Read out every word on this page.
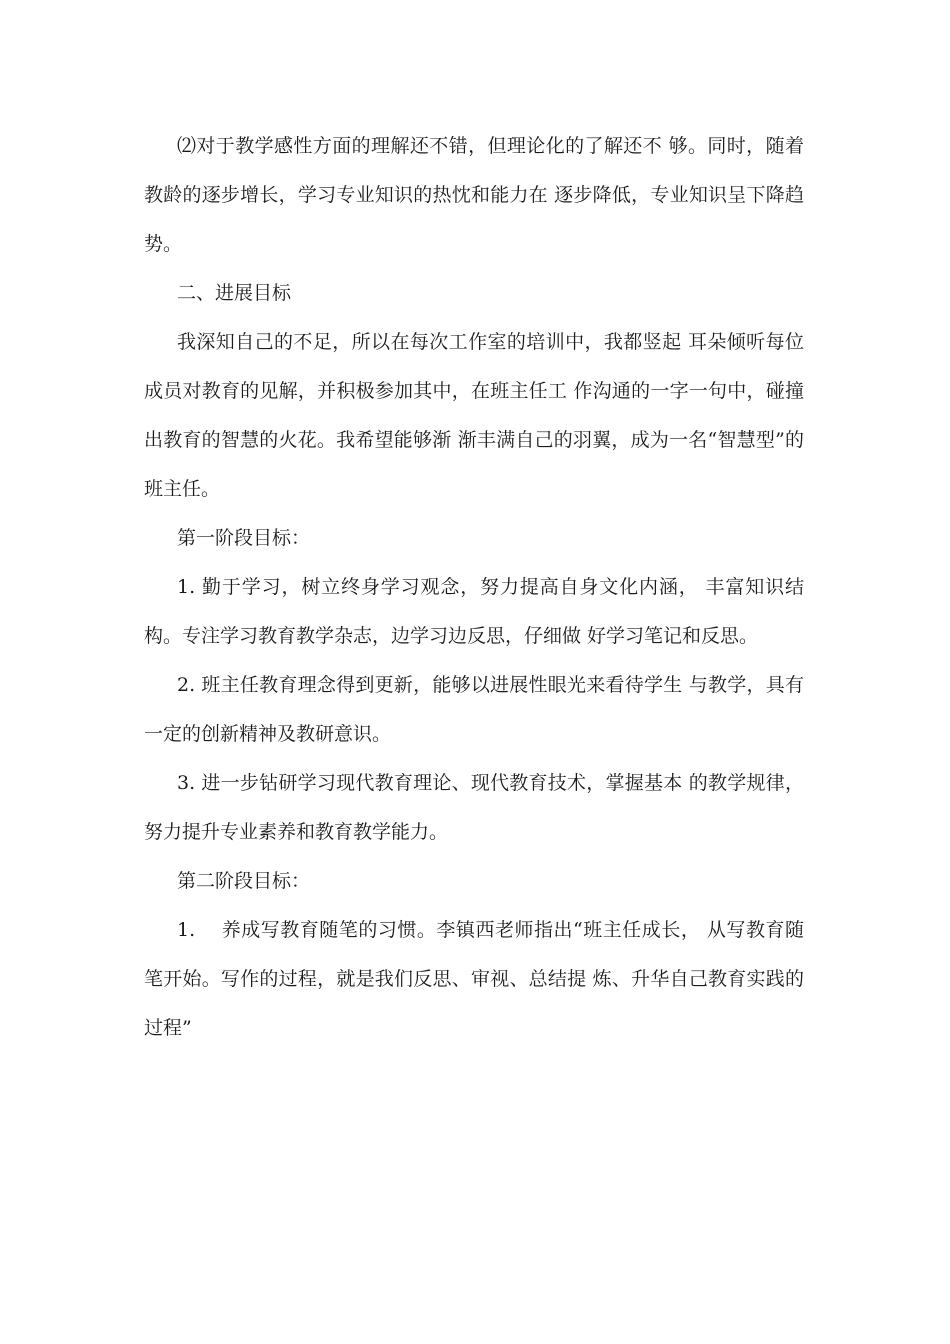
⑵对于教学感性方面的理解还不错，但理论化的了解还不 够。同时，随着教龄的逐步增长，学习专业知识的热忱和能力在 逐步降低，专业知识呈下降趋势。

二、进展目标

我深知自己的不足，所以在每次工作室的培训中，我都竖起 耳朵倾听每位成员对教育的见解，并积极参加其中，在班主任工 作沟通的一字一句中，碰撞出教育的智慧的火花。我希望能够渐 渐丰满自己的羽翼，成为一名“智慧型”的班主任。

第一阶段目标：

1. 勤于学习，树立终身学习观念，努力提高自身文化内涵， 丰富知识结构。专注学习教育教学杂志，边学习边反思，仔细做 好学习笔记和反思。

2. 班主任教育理念得到更新，能够以进展性眼光来看待学生 与教学，具有一定的创新精神及教研意识。

3. 进一步钻研学习现代教育理论、现代教育技术，掌握基本 的教学规律，努力提升专业素养和教育教学能力。

第二阶段目标：

1.　 养成写教育随笔的习惯。李镇西老师指出“班主任成长， 从写教育随笔开始。写作的过程，就是我们反思、审视、总结提 炼、升华自己教育实践的过程”
